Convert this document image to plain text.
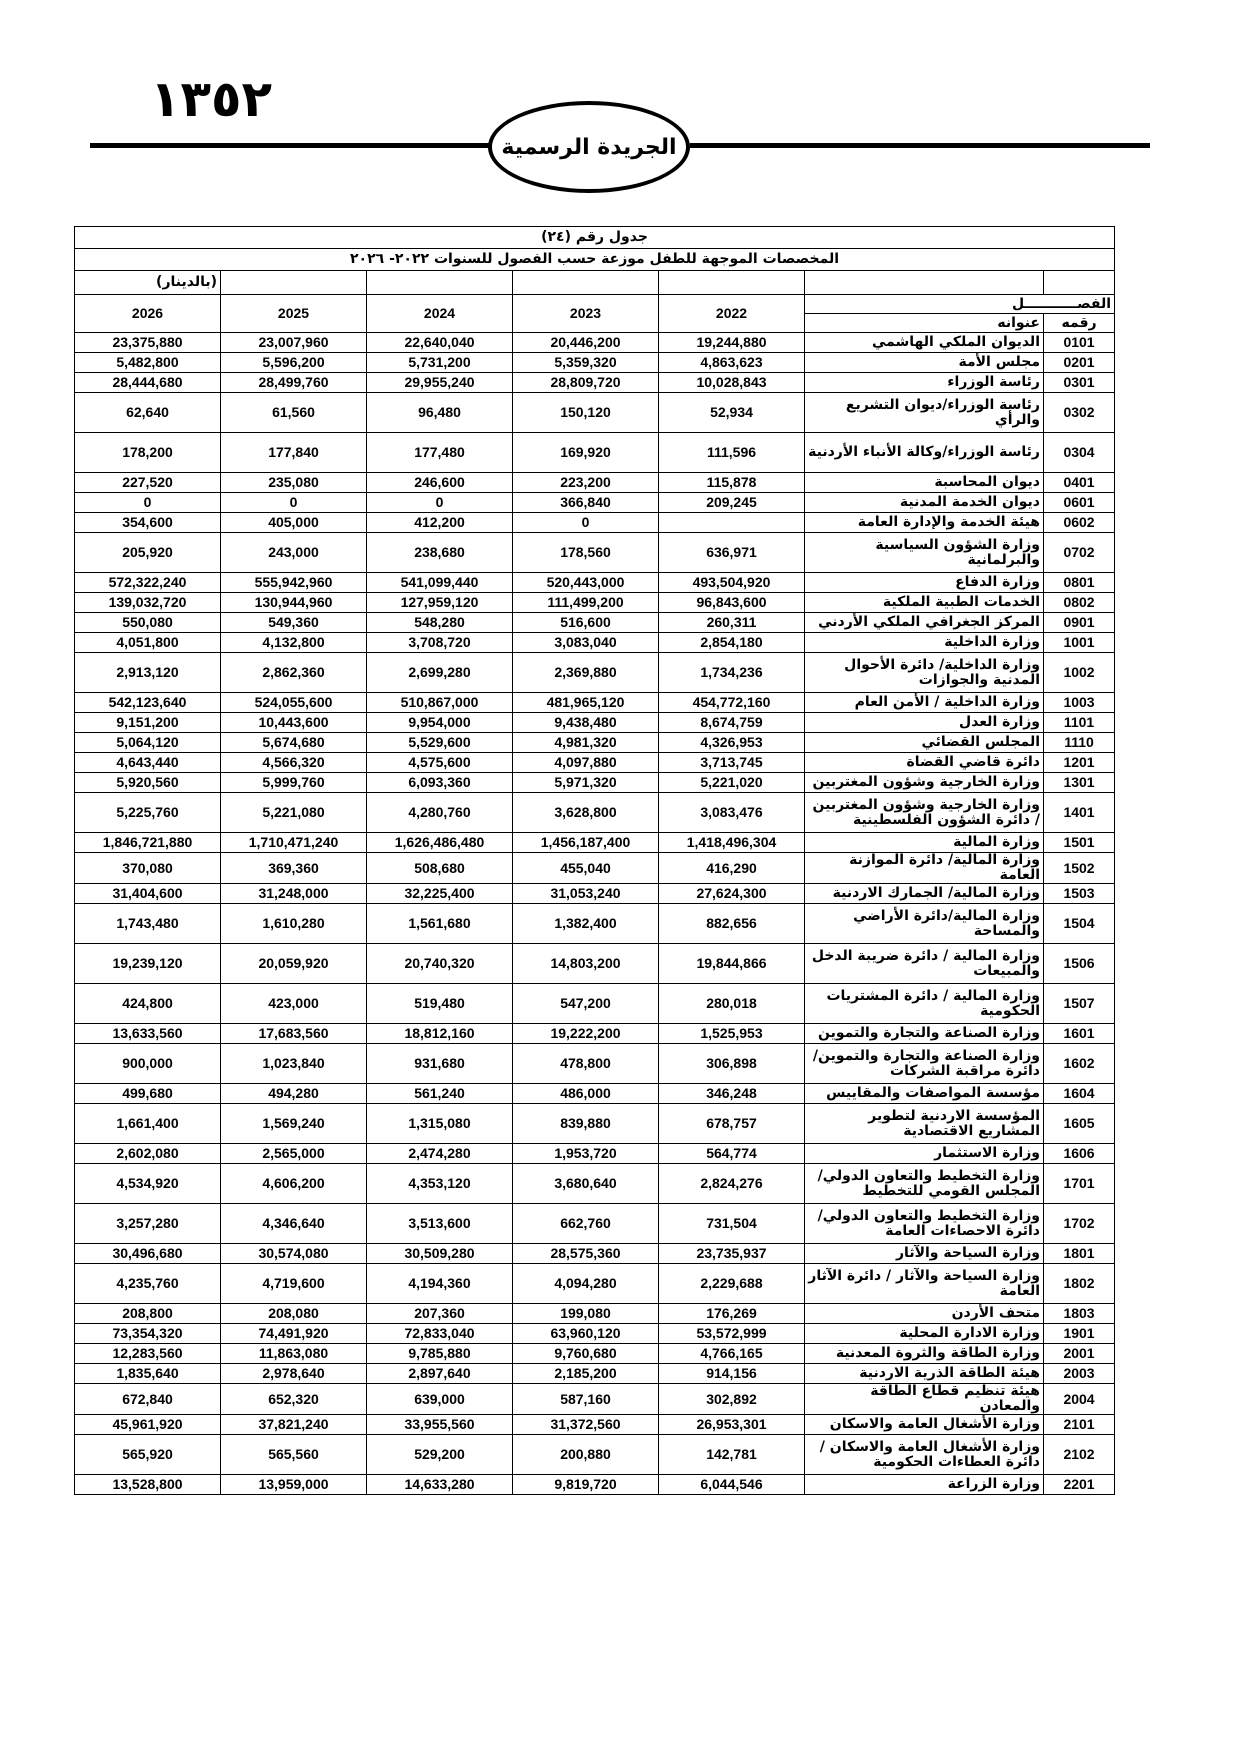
١٣٥٢
الجريدة الرسمية
جدول رقم (٢٤)						
المخصصات الموجهة للطفل موزعة حسب الفصول للسنوات ٢٠٢٢- ٢٠٢٦						
(بالدينار)						
2026	2025	2024	2023	2022	الفصـــــــــــل	
					عنوانه	رقمه
23,375,880	23,007,960	22,640,040	20,446,200	19,244,880	الديوان الملكي الهاشمي	0101
5,482,800	5,596,200	5,731,200	5,359,320	4,863,623	مجلس الأمة	0201
28,444,680	28,499,760	29,955,240	28,809,720	10,028,843	رئاسة الوزراء	0301
62,640	61,560	96,480	150,120	52,934	رئاسة الوزراء/ديوان التشريع والرأي	0302
178,200	177,840	177,480	169,920	111,596	رئاسة الوزراء/وكالة الأنباء الأردنية	0304
227,520	235,080	246,600	223,200	115,878	ديوان المحاسبة	0401
0	0	0	366,840	209,245	ديوان الخدمة المدنية	0601
354,600	405,000	412,200	0		هيئة الخدمة والإدارة العامة	0602
205,920	243,000	238,680	178,560	636,971	وزارة الشؤون السياسية والبرلمانية	0702
572,322,240	555,942,960	541,099,440	520,443,000	493,504,920	وزارة الدفاع	0801
139,032,720	130,944,960	127,959,120	111,499,200	96,843,600	الخدمات الطبية الملكية	0802
550,080	549,360	548,280	516,600	260,311	المركز الجغرافي الملكي الأردني	0901
4,051,800	4,132,800	3,708,720	3,083,040	2,854,180	وزارة الداخلية	1001
2,913,120	2,862,360	2,699,280	2,369,880	1,734,236	وزارة الداخلية/ دائرة الأحوال المدنية والجوازات	1002
542,123,640	524,055,600	510,867,000	481,965,120	454,772,160	وزارة الداخلية / الأمن العام	1003
9,151,200	10,443,600	9,954,000	9,438,480	8,674,759	وزارة العدل	1101
5,064,120	5,674,680	5,529,600	4,981,320	4,326,953	المجلس القضائي	1110
4,643,440	4,566,320	4,575,600	4,097,880	3,713,745	دائرة قاضي القضاة	1201
5,920,560	5,999,760	6,093,360	5,971,320	5,221,020	وزارة الخارجية وشؤون المغتربين	1301
5,225,760	5,221,080	4,280,760	3,628,800	3,083,476	وزارة الخارجية وشؤون المغتربين / دائرة الشؤون الفلسطينية	1401
1,846,721,880	1,710,471,240	1,626,486,480	1,456,187,400	1,418,496,304	وزارة المالية	1501
370,080	369,360	508,680	455,040	416,290	وزارة المالية/ دائرة الموازنة العامة	1502
31,404,600	31,248,000	32,225,400	31,053,240	27,624,300	وزارة المالية/ الجمارك الاردنية	1503
1,743,480	1,610,280	1,561,680	1,382,400	882,656	وزارة المالية/دائرة الأراضي والمساحة	1504
19,239,120	20,059,920	20,740,320	14,803,200	19,844,866	وزارة المالية / دائرة ضريبة الدخل والمبيعات	1506
424,800	423,000	519,480	547,200	280,018	وزارة المالية / دائرة المشتريات الحكومية	1507
13,633,560	17,683,560	18,812,160	19,222,200	1,525,953	وزارة الصناعة والتجارة والتموين	1601
900,000	1,023,840	931,680	478,800	306,898	وزارة الصناعة والتجارة والتموين/دائرة مراقبة الشركات	1602
499,680	494,280	561,240	486,000	346,248	مؤسسة المواصفات والمقاييس	1604
1,661,400	1,569,240	1,315,080	839,880	678,757	المؤسسة الاردنية لتطوير المشاريع الاقتصادية	1605
2,602,080	2,565,000	2,474,280	1,953,720	564,774	وزارة الاستثمار	1606
4,534,920	4,606,200	4,353,120	3,680,640	2,824,276	وزارة التخطيط والتعاون الدولي/ المجلس القومي للتخطيط	1701
3,257,280	4,346,640	3,513,600	662,760	731,504	وزارة التخطيط والتعاون الدولي/ دائرة الاحصاءات العامة	1702
30,496,680	30,574,080	30,509,280	28,575,360	23,735,937	وزارة السياحة والآثار	1801
4,235,760	4,719,600	4,194,360	4,094,280	2,229,688	وزارة السياحة والآثار / دائرة الآثار العامة	1802
208,800	208,080	207,360	199,080	176,269	متحف الأردن	1803
73,354,320	74,491,920	72,833,040	63,960,120	53,572,999	وزارة الادارة المحلية	1901
12,283,560	11,863,080	9,785,880	9,760,680	4,766,165	وزارة الطاقة والثروة المعدنية	2001
1,835,640	2,978,640	2,897,640	2,185,200	914,156	هيئة الطاقة الذرية الاردنية	2003
672,840	652,320	639,000	587,160	302,892	هيئة تنظيم قطاع الطاقة والمعادن	2004
45,961,920	37,821,240	33,955,560	31,372,560	26,953,301	وزارة الأشغال العامة والاسكان	2101
565,920	565,560	529,200	200,880	142,781	وزارة الأشغال العامة والاسكان / دائرة العطاءات الحكومية	2102
13,528,800	13,959,000	14,633,280	9,819,720	6,044,546	وزارة الزراعة	2201
